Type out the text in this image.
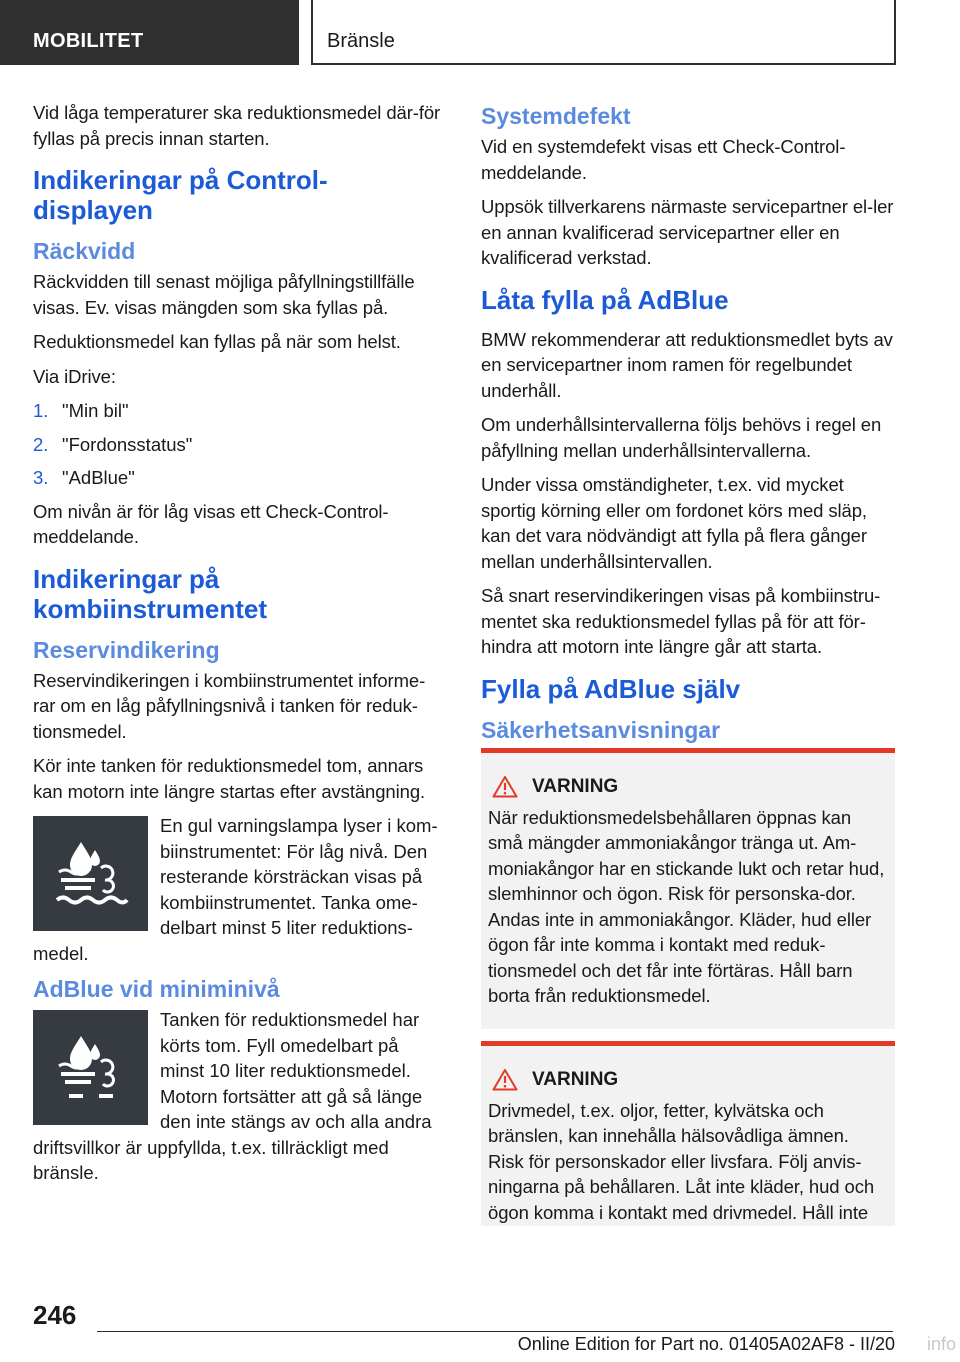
MOBILITET	Bränsle

Vid låga temperaturer ska reduktionsmedel där-för fyllas på precis innan starten.

Indikeringar på Control-displayen
Räckvidd

Räckvidden till senast möjliga påfyllningstillfälle visas. Ev. visas mängden som ska fyllas på.

Reduktionsmedel kan fyllas på när som helst.

Via iDrive:

1. "Min bil"
2. "Fordonsstatus"
3. "AdBlue"

Om nivån är för låg visas ett Check-Control-meddelande.

Indikeringar på kombiinstrumentet
Reservindikering

Reservindikeringen i kombiinstrumentet informe-rar om en låg påfyllningsnivå i tanken för reduk-tionsmedel.

Kör inte tanken för reduktionsmedel tom, annars kan motorn inte längre startas efter avstängning.

En gul varningslampa lyser i kom-biinstrumentet: För låg nivå. Den resterande körsträckan visas på kombiinstrumentet. Tanka ome-delbart minst 5 liter reduktions-medel.
AdBlue vid miniminivå
Tanken för reduktionsmedel har körts tom. Fyll omedelbart på minst 10 liter reduktionsmedel. Motorn fortsätter att gå så länge den inte stängs av och alla andra driftsvillkor är uppfyllda, t.ex. tillräckligt med bränsle.
Systemdefekt

Vid en systemdefekt visas ett Check-Control-meddelande.

Uppsök tillverkarens närmaste servicepartner el-ler en annan kvalificerad servicepartner eller en kvalificerad verkstad.

Låta fylla på AdBlue

BMW rekommenderar att reduktionsmedlet byts av en servicepartner inom ramen för regelbundet underhåll.

Om underhållsintervallerna följs behövs i regel en påfyllning mellan underhållsintervallerna.

Under vissa omständigheter, t.ex. vid mycket sportig körning eller om fordonet körs med släp, kan det vara nödvändigt att fylla på flera gånger mellan underhållsintervallen.

Så snart reservindikeringen visas på kombiinstru-mentet ska reduktionsmedel fyllas på för att för-hindra att motorn inte längre går att starta.

Fylla på AdBlue själv
Säkerhetsanvisningar
VARNING

När reduktionsmedelsbehållaren öppnas kan små mängder ammoniakångor tränga ut. Am-moniakångor har en stickande lukt och retar hud, slemhinnor och ögon. Risk för personska-dor. Andas inte in ammoniakångor. Kläder, hud eller ögon får inte komma i kontakt med reduk-tionsmedel och det får inte förtäras. Håll barn borta från reduktionsmedel.

VARNING

Drivmedel, t.ex. oljor, fetter, kylvätska och bränslen, kan innehålla hälsovådliga ämnen. Risk för personskador eller livsfara. Följ anvis-ningarna på behållaren. Låt inte kläder, hud och ögon komma i kontakt med drivmedel. Håll inte

246
Online Edition for Part no. 01405A02AF8 - II/20 info
